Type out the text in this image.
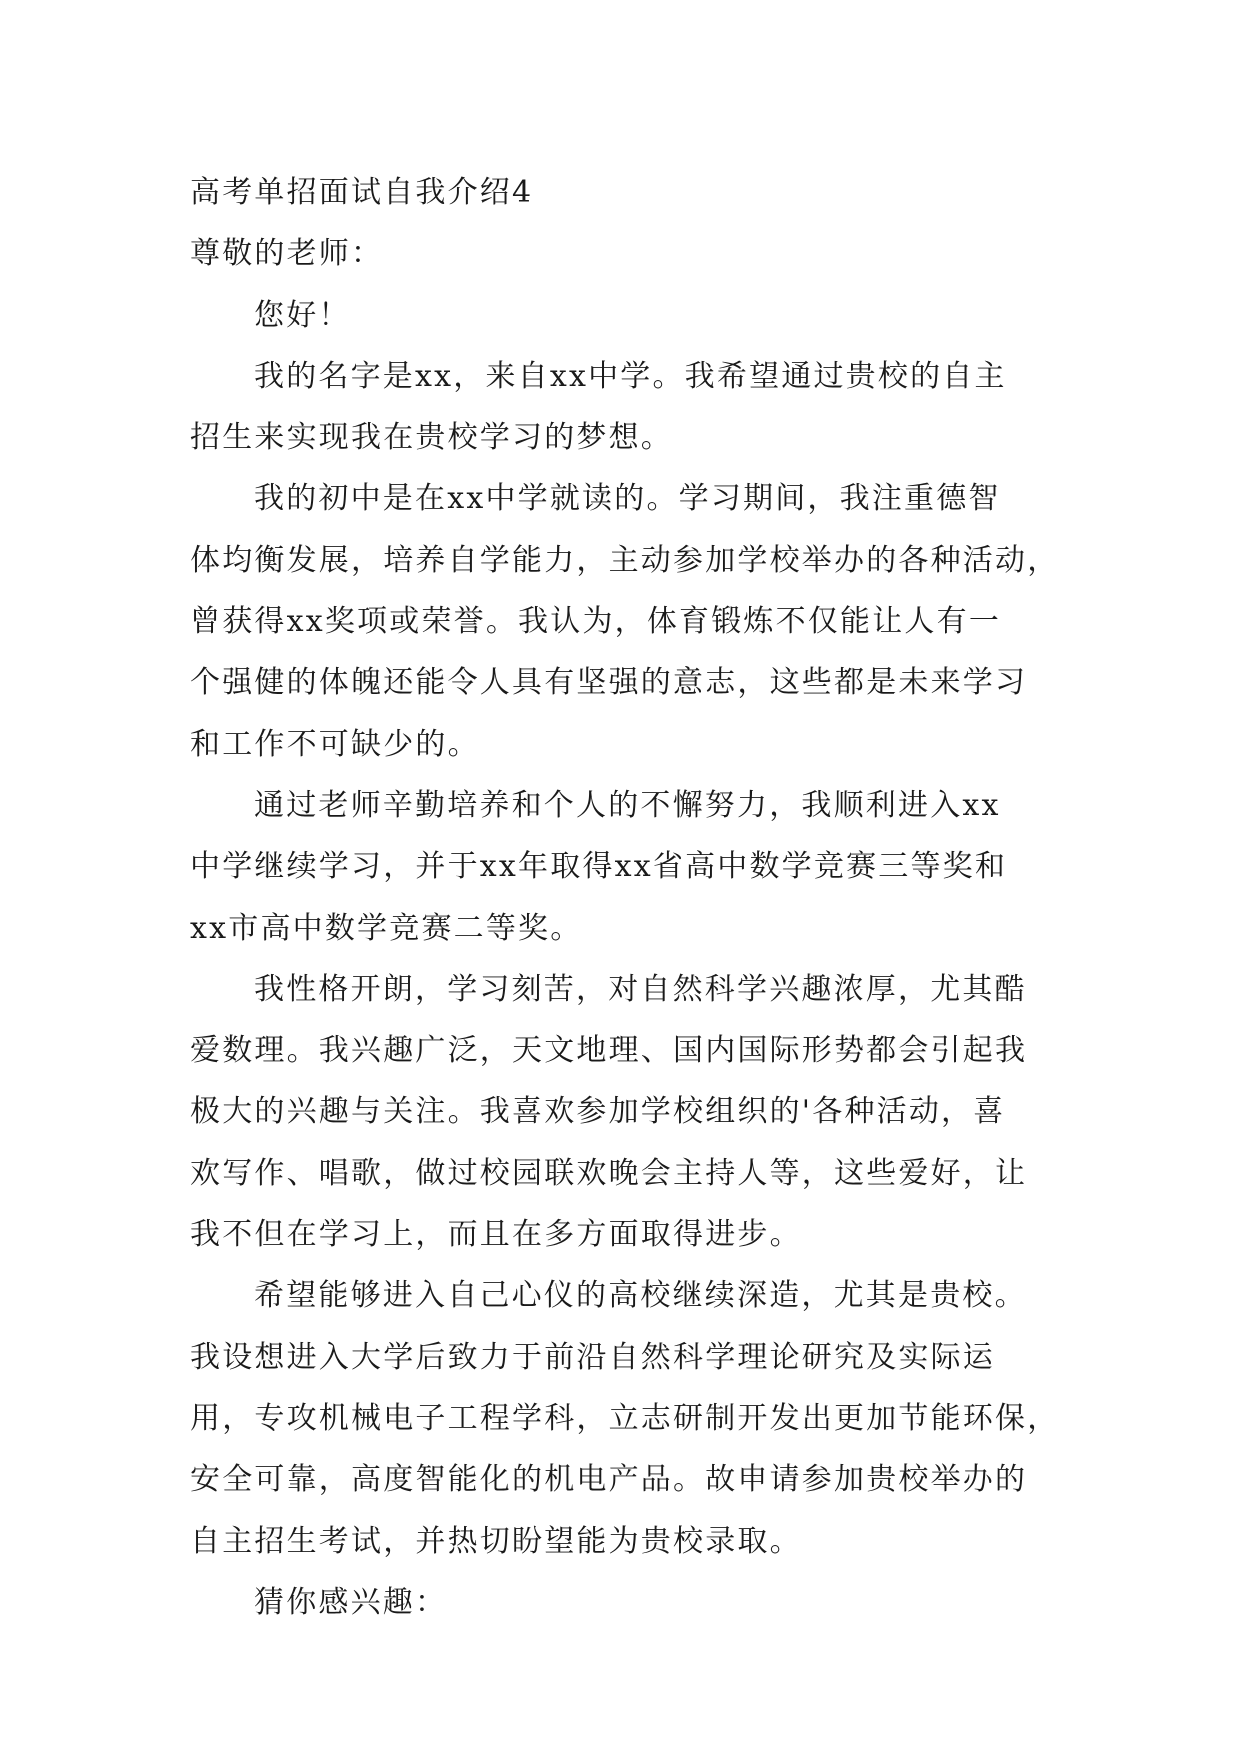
高考单招面试自我介绍4
尊敬的老师：
您好！
我的名字是xx，来自xx中学。我希望通过贵校的自主
招生来实现我在贵校学习的梦想。
我的初中是在xx中学就读的。学习期间，我注重德智
体均衡发展，培养自学能力，主动参加学校举办的各种活动，
曾获得xx奖项或荣誉。我认为，体育锻炼不仅能让人有一
个强健的体魄还能令人具有坚强的意志，这些都是未来学习
和工作不可缺少的。
通过老师辛勤培养和个人的不懈努力，我顺利进入xx
中学继续学习，并于xx年取得xx省高中数学竞赛三等奖和
xx市高中数学竞赛二等奖。
我性格开朗，学习刻苦，对自然科学兴趣浓厚，尤其酷
爱数理。我兴趣广泛，天文地理、国内国际形势都会引起我
极大的兴趣与关注。我喜欢参加学校组织的'各种活动，喜
欢写作、唱歌，做过校园联欢晚会主持人等，这些爱好，让
我不但在学习上，而且在多方面取得进步。
希望能够进入自己心仪的高校继续深造，尤其是贵校。
我设想进入大学后致力于前沿自然科学理论研究及实际运
用，专攻机械电子工程学科，立志研制开发出更加节能环保，
安全可靠，高度智能化的机电产品。故申请参加贵校举办的
自主招生考试，并热切盼望能为贵校录取。
猜你感兴趣：
